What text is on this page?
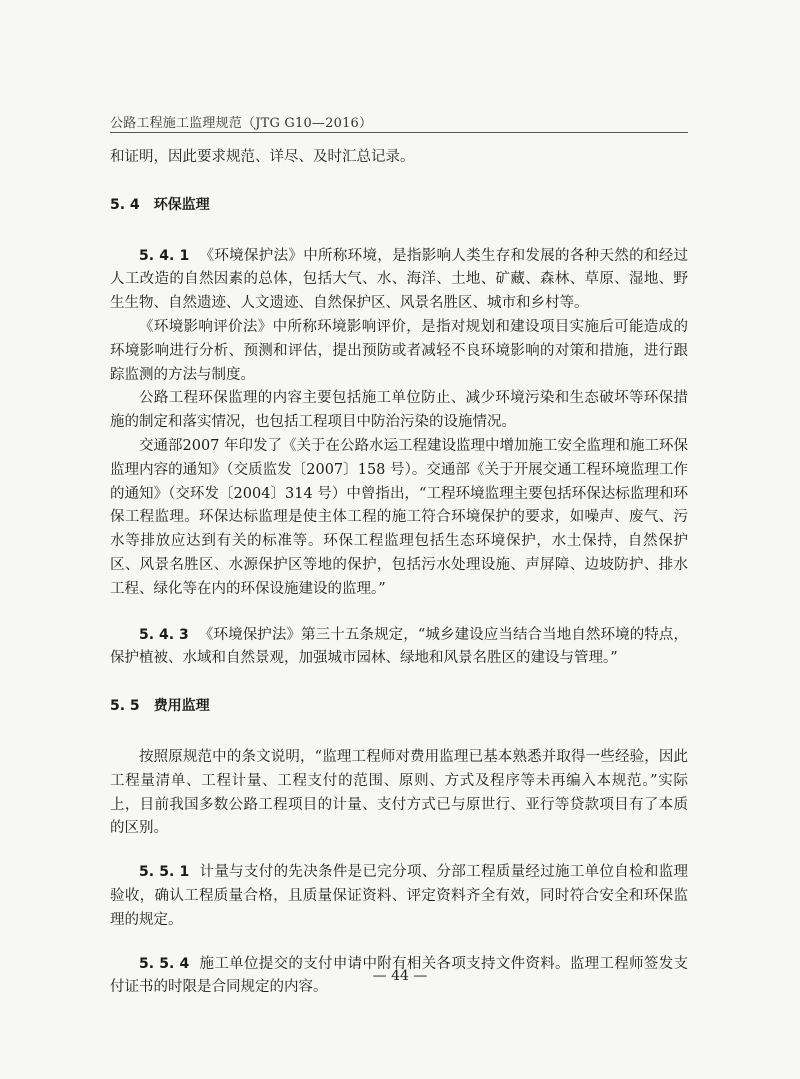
公路工程施工监理规范（JTG G10—2016）

和证明，因此要求规范、详尽、及时汇总记录。

5. 4 环保监理

5. 4. 1 《环境保护法》中所称环境，是指影响人类生存和发展的各种天然的和经过人工改造的自然因素的总体，包括大气、水、海洋、土地、矿藏、森林、草原、湿地、野生生物、自然遗迹、人文遗迹、自然保护区、风景名胜区、城市和乡村等。

《环境影响评价法》中所称环境影响评价，是指对规划和建设项目实施后可能造成的环境影响进行分析、预测和评估，提出预防或者减轻不良环境影响的对策和措施，进行跟踪监测的方法与制度。

公路工程环保监理的内容主要包括施工单位防止、减少环境污染和生态破坏等环保措施的制定和落实情况，也包括工程项目中防治污染的设施情况。

交通部2007 年印发了《关于在公路水运工程建设监理中增加施工安全监理和施工环保监理内容的通知》（交质监发〔2007〕158 号）。交通部《关于开展交通工程环境监理工作的通知》（交环发〔2004〕314 号）中曾指出，“工程环境监理主要包括环保达标监理和环保工程监理。环保达标监理是使主体工程的施工符合环境保护的要求，如噪声、废气、污水等排放应达到有关的标准等。环保工程监理包括生态环境保护，水土保持，自然保护区、风景名胜区、水源保护区等地的保护，包括污水处理设施、声屏障、边坡防护、排水工程、绿化等在内的环保设施建设的监理。”

5. 4. 3 《环境保护法》第三十五条规定，“城乡建设应当结合当地自然环境的特点，保护植被、水域和自然景观，加强城市园林、绿地和风景名胜区的建设与管理。”

5. 5 费用监理

按照原规范中的条文说明，“监理工程师对费用监理已基本熟悉并取得一些经验，因此工程量清单、工程计量、工程支付的范围、原则、方式及程序等未再编入本规范。”实际上，目前我国多数公路工程项目的计量、支付方式已与原世行、亚行等贷款项目有了本质的区别。

5. 5. 1 计量与支付的先决条件是已完分项、分部工程质量经过施工单位自检和监理验收，确认工程质量合格，且质量保证资料、评定资料齐全有效，同时符合安全和环保监理的规定。

5. 5. 4 施工单位提交的支付申请中附有相关各项支持文件资料。监理工程师签发支付证书的时限是合同规定的内容。

— 44 —
